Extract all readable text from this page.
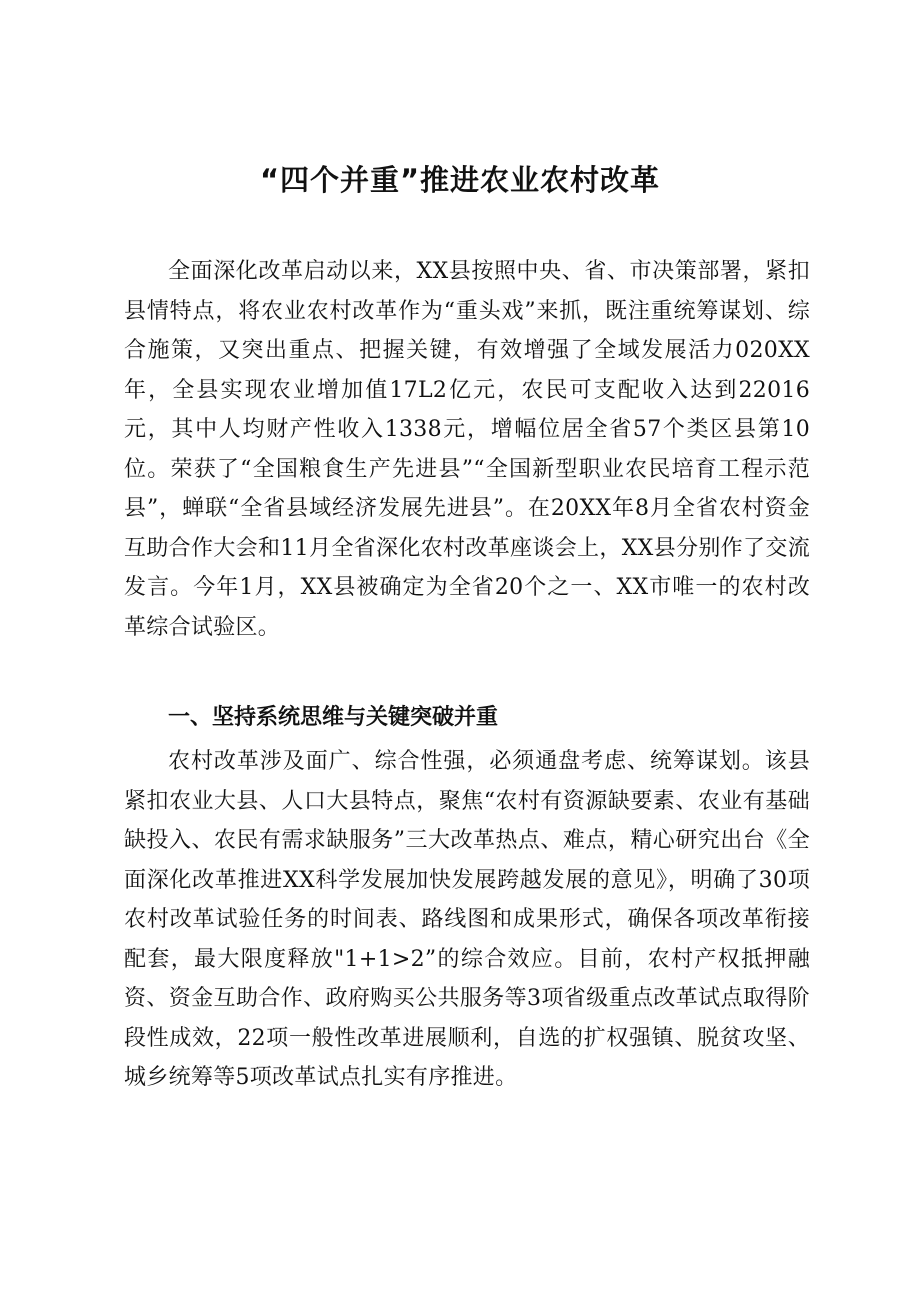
“四个并重”推进农业农村改革

全面深化改革启动以来，XX县按照中央、省、市决策部署，紧扣县情特点，将农业农村改革作为“重头戏”来抓，既注重统筹谋划、综合施策，又突出重点、把握关键，有效增强了全域发展活力020XX年，全县实现农业增加值17L2亿元，农民可支配收入达到22016元，其中人均财产性收入1338元，增幅位居全省57个类区县第10位。荣获了“全国粮食生产先进县”“全国新型职业农民培育工程示范县”，蝉联“全省县域经济发展先进县”。在20XX年8月全省农村资金互助合作大会和11月全省深化农村改革座谈会上，XX县分别作了交流发言。今年1月，XX县被确定为全省20个之一、XX市唯一的农村改革综合试验区。

一、坚持系统思维与关键突破并重

农村改革涉及面广、综合性强，必须通盘考虑、统筹谋划。该县紧扣农业大县、人口大县特点，聚焦“农村有资源缺要素、农业有基础缺投入、农民有需求缺服务”三大改革热点、难点，精心研究出台《全面深化改革推进XX科学发展加快发展跨越发展的意见》，明确了30项农村改革试验任务的时间表、路线图和成果形式，确保各项改革衔接配套，最大限度释放"1+1>2”的综合效应。目前，农村产权抵押融资、资金互助合作、政府购买公共服务等3项省级重点改革试点取得阶段性成效，22项一般性改革进展顺利，自选的扩权强镇、脱贫攻坚、城乡统筹等5项改革试点扎实有序推进。
